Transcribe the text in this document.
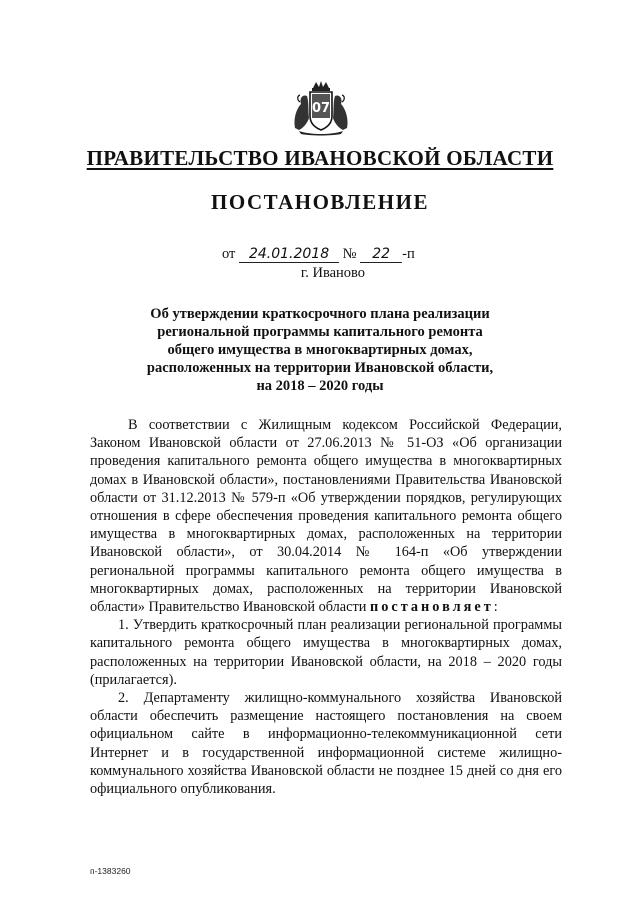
07
ПРАВИТЕЛЬСТВО ИВАНОВСКОЙ ОБЛАСТИ
ПОСТАНОВЛЕНИЕ
от 24.01.2018 № 22 -п
г. Иваново
Об утверждении краткосрочного плана реализации
региональной программы капитального ремонта
общего имущества в многоквартирных домах,
расположенных на территории Ивановской области,
на 2018 – 2020 годы

В соответствии с Жилищным кодексом Российской Федерации, Законом Ивановской области от 27.06.2013 № 51-ОЗ «Об организации проведения капитального ремонта общего имущества в многоквартирных домах в Ивановской области», постановлениями Правительства Ивановской области от 31.12.2013 № 579-п «Об утверждении порядков, регулирующих отношения в сфере обеспечения проведения капитального ремонта общего имущества в многоквартирных домах, расположенных на территории Ивановской области», от 30.04.2014 № 164-п «Об утверждении региональной программы капитального ремонта общего имущества в многоквартирных домах, расположенных на территории Ивановской области» Правительство Ивановской области постановляет:

1. Утвердить краткосрочный план реализации региональной программы капитального ремонта общего имущества в многоквартирных домах, расположенных на территории Ивановской области, на 2018 – 2020 годы (прилагается).

2. Департаменту жилищно-коммунального хозяйства Ивановской области обеспечить размещение настоящего постановления на своем официальном сайте в информационно-телекоммуникационной сети Интернет и в государственной информационной системе жилищно-коммунального хозяйства Ивановской области не позднее 15 дней со дня его официального опубликования.

п-1383260
